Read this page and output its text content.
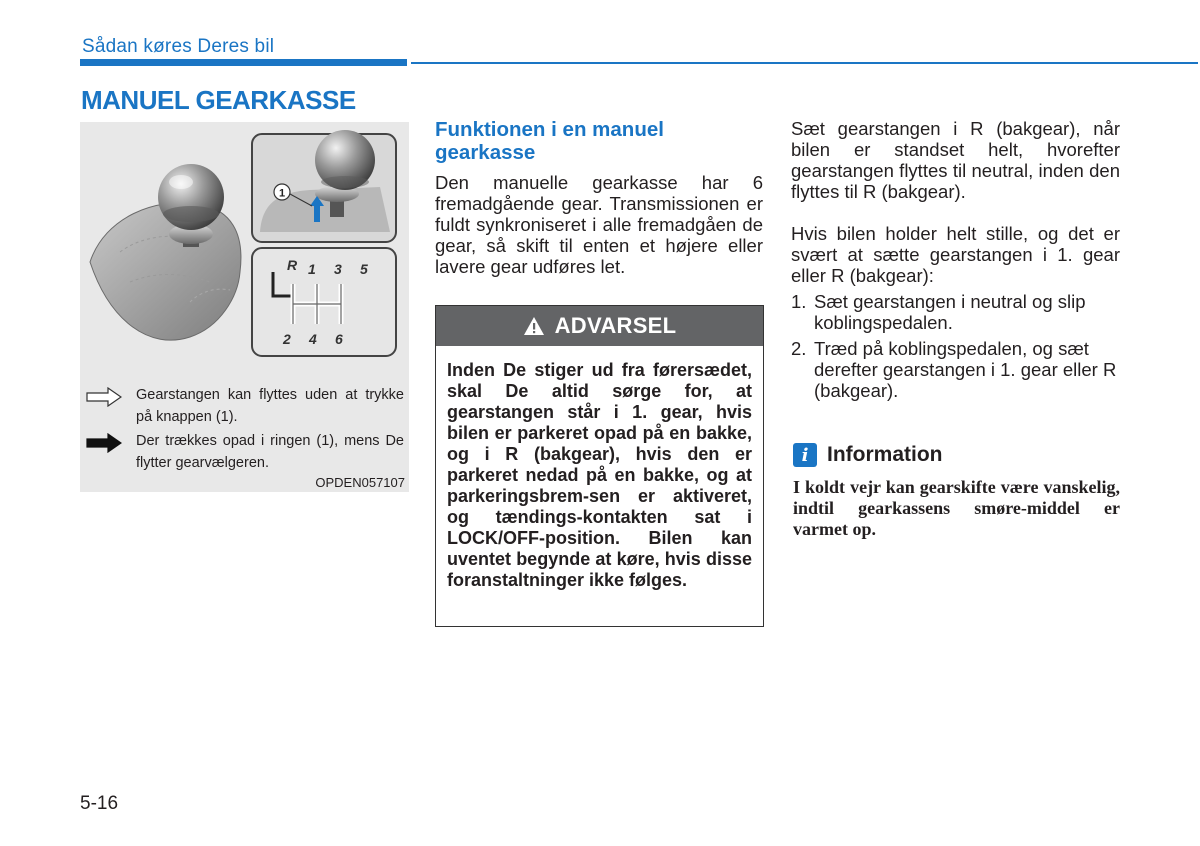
Sådan køres Deres bil
MANUEL GEARKASSE
1
R 1 3 5
2 4 6
Gearstangen kan flyttes uden at trykke på knappen (1).
Der trækkes opad i ringen (1), mens De flytter gearvælgeren.
OPDEN057107
Funktionen i en manuel gearkasse

Den manuelle gearkasse har 6 fremadgående gear. Transmissionen er fuldt synkroniseret i alle fremadgåen de gear, så skift til enten et højere eller lavere gear udføres let.

ADVARSEL
Inden De stiger ud fra førersædet, skal De altid sørge for, at gearstangen står i 1. gear, hvis bilen er parkeret opad på en bakke, og i R (bakgear), hvis den er parkeret nedad på en bakke, og at parkeringsbrem-sen er aktiveret, og tændings-kontakten sat i LOCK/OFF-position. Bilen kan uventet begynde at køre, hvis disse foranstaltninger ikke følges.

Sæt gearstangen i R (bakgear), når bilen er standset helt, hvorefter gearstangen flyttes til neutral, inden den flyttes til R (bakgear).

Hvis bilen holder helt stille, og det er svært at sætte gearstangen i 1. gear eller R (bakgear):

1. Sæt gearstangen i neutral og slip koblingspedalen.
2. Træd på koblingspedalen, og sæt derefter gearstangen i 1. gear eller R (bakgear).
i Information
I koldt vejr kan gearskifte være vanskelig, indtil gearkassens smøre-middel er varmet op.
5-16
